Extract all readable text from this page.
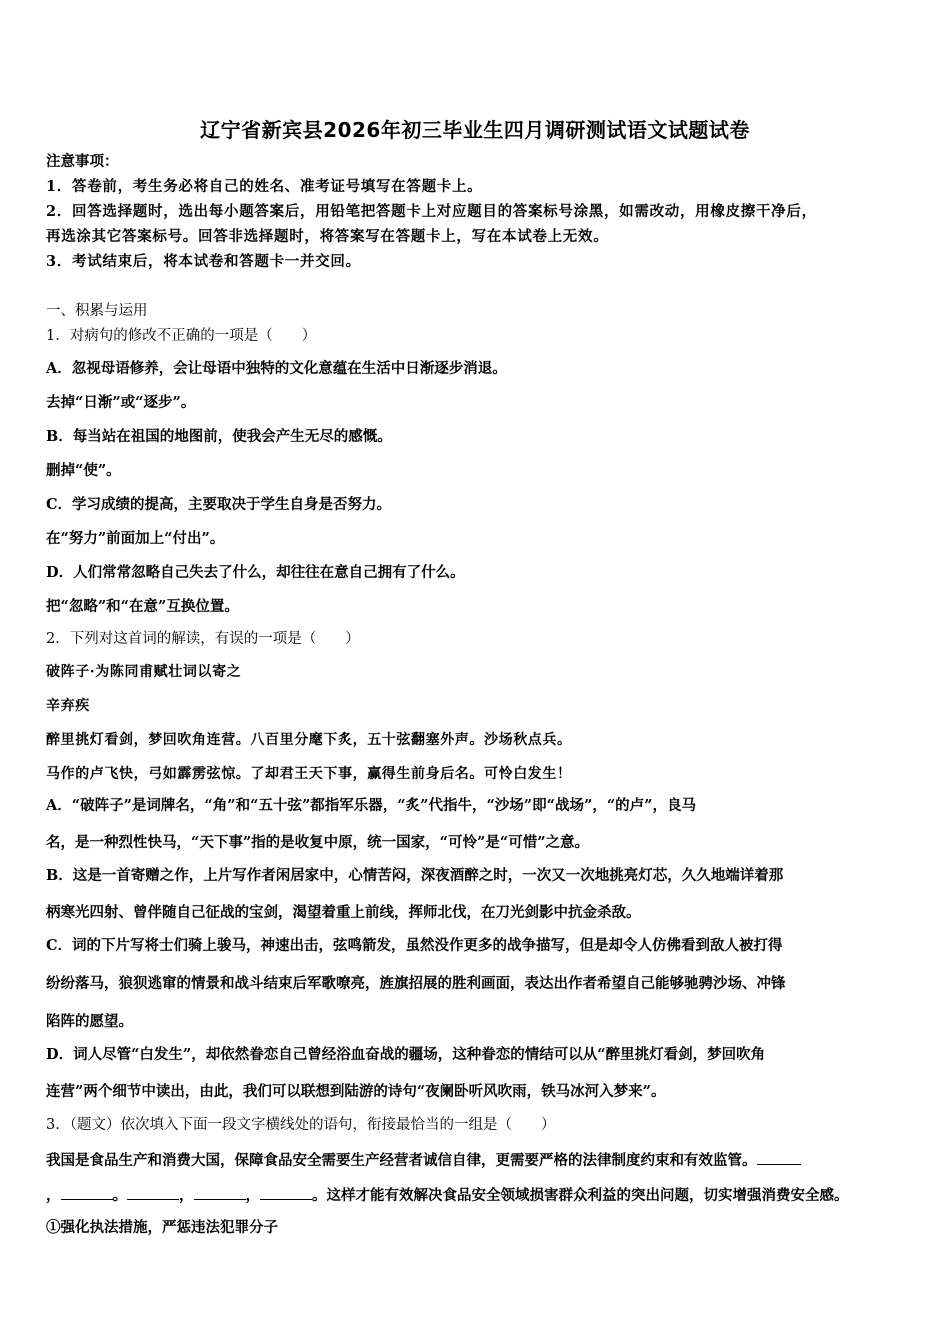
辽宁省新宾县2026年初三毕业生四月调研测试语文试题试卷
注意事项：
1．答卷前，考生务必将自己的姓名、准考证号填写在答题卡上。
2．回答选择题时，选出每小题答案后，用铅笔把答题卡上对应题目的答案标号涂黑，如需改动，用橡皮擦干净后，
再选涂其它答案标号。回答非选择题时，将答案写在答题卡上，写在本试卷上无效。
3．考试结束后，将本试卷和答题卡一并交回。
一、积累与运用
1．对病句的修改不正确的一项是（　　）
A．忽视母语修养，会让母语中独特的文化意蕴在生活中日渐逐步消退。
去掉“日渐”或“逐步”。
B．每当站在祖国的地图前，使我会产生无尽的感慨。
删掉“使”。
C．学习成绩的提高，主要取决于学生自身是否努力。
在“努力”前面加上“付出”。
D．人们常常忽略自己失去了什么，却往往在意自己拥有了什么。
把“忽略”和“在意”互换位置。
2．下列对这首词的解读，有误的一项是（　　）
破阵子·为陈同甫赋壮词以寄之
辛弃疾
醉里挑灯看剑，梦回吹角连营。八百里分麾下炙，五十弦翻塞外声。沙场秋点兵。
马作的卢飞快，弓如霹雳弦惊。了却君王天下事，赢得生前身后名。可怜白发生！
A．“破阵子”是词牌名，“角”和“五十弦”都指军乐器，“炙”代指牛，“沙场”即“战场”，“的卢”，良马
名，是一种烈性快马，“天下事”指的是收复中原，统一国家，“可怜”是“可惜”之意。
B．这是一首寄赠之作，上片写作者闲居家中，心情苦闷，深夜酒醉之时，一次又一次地挑亮灯芯，久久地端详着那
柄寒光四射、曾伴随自己征战的宝剑，渴望着重上前线，挥师北伐，在刀光剑影中抗金杀敌。
C．词的下片写将士们骑上骏马，神速出击，弦鸣箭发，虽然没作更多的战争描写，但是却令人仿佛看到敌人被打得
纷纷落马，狼狈逃窜的情景和战斗结束后军歌嘹亮，旌旗招展的胜利画面，表达出作者希望自己能够驰骋沙场、冲锋
陷阵的愿望。
D．词人尽管“白发生”，却依然眷恋自己曾经浴血奋战的疆场，这种眷恋的情结可以从“醉里挑灯看剑，梦回吹角
连营”两个细节中读出，由此，我们可以联想到陆游的诗句“夜阑卧听风吹雨，铁马冰河入梦来”。
3．（题文）依次填入下面一段文字横线处的语句，衔接最恰当的一组是（　　）
我国是食品生产和消费大国，保障食品安全需要生产经营者诚信自律，更需要严格的法律制度约束和有效监管。
，	。	，	，	。这样才能有效解决食品安全领域损害群众利益的突出问题，切实增强消费安全感。
①强化执法措施，严惩违法犯罪分子
